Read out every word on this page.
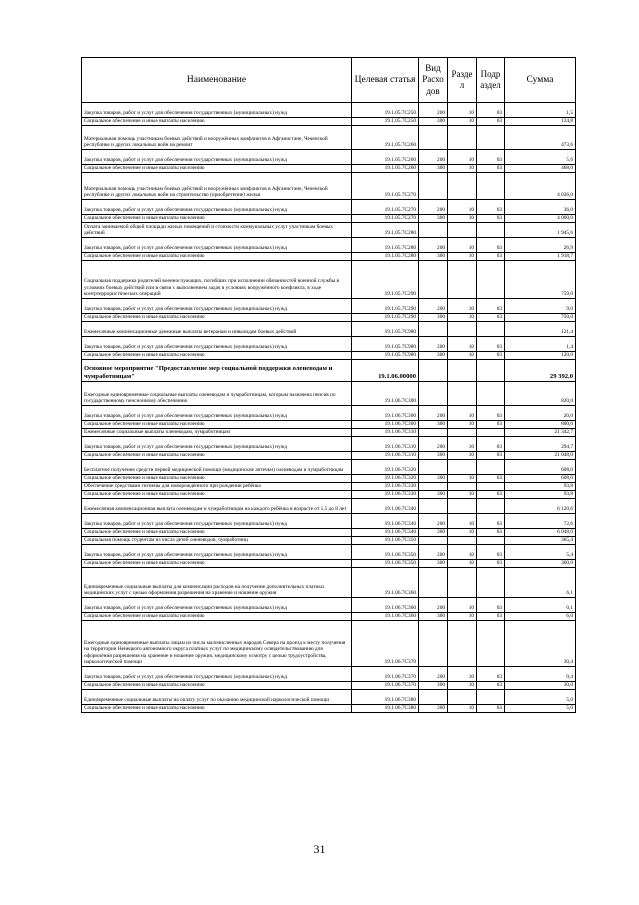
Наименование	Целевая статья	Вид Расхо дов	Разде л	Подр аздел	Сумма
Закупка товаров, работ и услуг для обеспечения государственных (муниципальных) нужд	19.1.05.7С250	200	10	03	1,5
Социальное обеспечение и иные выплаты населению	19.1.05.7С250	300	10	03	124,8
Материальная помощь участникам боевых действий и вооружённых конфликтов в Афганистане, Чеченской республике и других локальных войн на ремонт	19.1.05.7С260				473,6
Закупка товаров, работ и услуг для обеспечения государственных (муниципальных) нужд	19.1.05.7С260	200	10	03	5,6
Социальное обеспечение и иные выплаты населению	19.1.05.7С260	300	10	03	468,0
Материальная помощь участникам боевых действий и вооружённых конфликтов в Афганистане, Чеченской республике и других локальных войн на строительство (приобретение) жилья	19.1.05.7С270				4 036,0
Закупка товаров, работ и услуг для обеспечения государственных (муниципальных) нужд	19.1.05.7С270	200	10	03	36,0
Социальное обеспечение и иные выплаты населению	19.1.05.7С270	300	10	03	4 000,0
Оплата занимаемой общей площади жилых помещений и стоимости коммунальных услуг участникам боевых действий	19.1.05.7С280				1 945,6
Закупка товаров, работ и услуг для обеспечения государственных (муниципальных) нужд	19.1.05.7С280	200	10	03	26,9
Социальное обеспечение и иные выплаты населению	19.1.05.7С280	300	10	03	1 918,7
Социальная поддержка родителей военнослужащих, погибших при исполнении обязанностей военной службы в условиях боевых действий или в связи с выполнением задач в условиях вооружённого конфликта, в ходе контртеррористических операций	19.1.05.7С290				759,0
Закупка товаров, работ и услуг для обеспечения государственных (муниципальных) нужд	19.1.05.7С290	200	10	03	9,0
Социальное обеспечение и иные выплаты населению	19.1.05.7С290	300	10	03	750,0
Ежемесячные компенсационные денежные выплаты ветеранам и инвалидам боевых действий	19.1.05.7С980				121,4
Закупка товаров, работ и услуг для обеспечения государственных (муниципальных) нужд	19.1.05.7С980	200	10	03	1,4
Социальное обеспечение и иные выплаты населению	19.1.05.7С980	300	10	03	120,0
Основное мероприятие "Предоставление мер социальной поддержки оленеводам и чумработницам"	19.1.06.00000				29 392,0
Ежегодные единовременные социальные выплаты оленеводам и чумработницам, которым назначена пенсия по государственному пенсионному обеспечению	19.1.06.7С300				820,0
Закупка товаров, работ и услуг для обеспечения государственных (муниципальных) нужд	19.1.06.7С300	200	10	03	20,0
Социальное обеспечение и иные выплаты населению	19.1.06.7С300	300	10	03	800,0
Ежемесячные социальные выплаты оленеводам, чумработницам	19.1.06.7С310				21 342,7
Закупка товаров, работ и услуг для обеспечения государственных (муниципальных) нужд	19.1.06.7С310	200	10	03	294,7
Социальное обеспечение и иные выплаты населению	19.1.06.7С310	300	10	03	21 048,0
Бесплатное получение средств первой медицинской помощи (медицинские аптечки) оленеводам и чумработницам	19.1.06.7С320				608,0
Социальное обеспечение и иные выплаты населению	19.1.06.7С320	300	10	03	608,0
Обеспечение средствами гигиены для новорождённого при рождении ребёнка	19.1.06.7С330				93,8
Социальное обеспечение и иные выплаты населению	19.1.06.7С330	300	10	03	93,8
Ежемесячная компенсационная выплата оленеводам и чумработницам на каждого ребёнка в возрасте от 1,5 до 8 лет	19.1.06.7С340				6 120,6
Закупка товаров, работ и услуг для обеспечения государственных (муниципальных) нужд	19.1.06.7С340	200	10	03	72,6
Социальное обеспечение и иные выплаты населению	19.1.06.7С340	300	10	03	6 048,0
Социальная помощь студентам из числа детей оленеводов, чумработниц	19.1.06.7С350				365,4
Закупка товаров, работ и услуг для обеспечения государственных (муниципальных) нужд	19.1.06.7С350	200	10	03	5,4
Социальное обеспечение и иные выплаты населению	19.1.06.7С350	300	10	03	360,0
Единовременные социальные выплаты для компенсации расходов на получение дополнительных платных медицинских услуг с целью оформления разрешения на хранение и ношение оружия	19.1.06.7С360				6,1
Закупка товаров, работ и услуг для обеспечения государственных (муниципальных) нужд	19.1.06.7С360	200	10	03	0,1
Социальное обеспечение и иные выплаты населению	19.1.06.7С360	300	10	03	6,0
Ежегодные единовременные выплаты лицам из числа малочисленных народов Севера на проезд к месту получения на территории Ненецкого автономного округа платных услуг по медицинскому освидетельствованию для оформления разрешения на хранение и ношение оружия, медицинскому осмотру с целью трудоустройства, наркологической помощи	19.1.06.7С370				30,4
Закупка товаров, работ и услуг для обеспечения государственных (муниципальных) нужд	19.1.06.7С370	200	10	03	0,4
Социальное обеспечение и иные выплаты населению	19.1.06.7С370	300	10	03	30,0
Единовременные социальные выплаты на оплату услуг по оказанию медицинской наркологической помощи	19.1.06.7С380				5,0
Социальное обеспечение и иные выплаты населению	19.1.06.7С380	300	10	03	5,0
31
